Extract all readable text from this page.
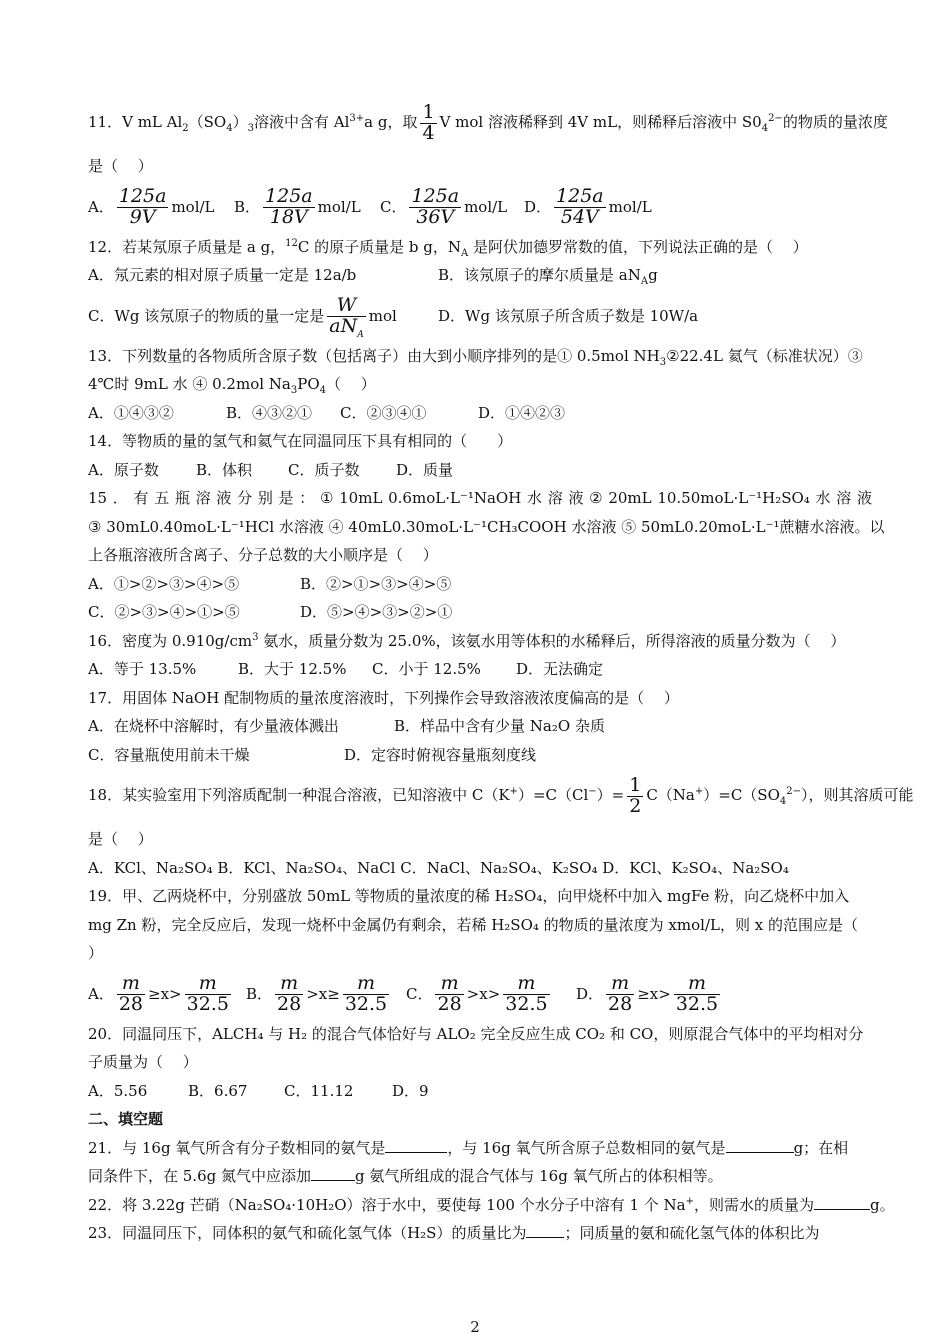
11．V mL $Al_2(SO_4)_3$溶液中含有 $Al^{3+}a$ g，取 $\frac{1}{4}$ V mol 溶液稀释到 4V mL，则稀释后溶液中 $S0_4^{2-}$的物质的量浓度
是（　 ）
A． $\frac{125a}{9V} mol/L$ B． $\frac{125a}{18V} mol/L$ C． $\frac{125a}{36V} mol/L$ D． $\frac{125a}{54V} mol/L$
12．若某氖原子质量是 a g，$^{12}$C 的原子质量是 b g，$N_A$ 是阿伏加德罗常数的值，下列说法正确的是（　 ）
A．氖元素的相对原子质量一定是 12a/b	B．该氖原子的摩尔质量是 $aN_Ag$
C．Wg 该氖原子的物质的量一定是 $\frac{W}{aN_A}$ mol	D．Wg 该氖原子所含质子数是 10W/a
13．下列数量的各物质所含原子数（包括离子）由大到小顺序排列的是① 0.5mol $NH_3②22.4L$ 氦气（标准状况）③
4℃时 9mL 水 ④ 0.2mol $Na_3PO_4$（　 ）
A．①④③②	B．④③②① C．②③④①	D．①④②③
14．等物质的量的氢气和氦气在同温同压下具有相同的（　　）
A．原子数 B．体积 C．质子数 D．质量
15 ． 有 五 瓶 溶 液 分 别 是 ： ① 10mL 0.6moL·L⁻¹NaOH 水 溶 液 ② 20mL 10.50moL·L⁻¹H₂SO₄ 水 溶 液
③ 30mL0.40moL·L⁻¹HCl 水溶液 ④ 40mL0.30moL·L⁻¹CH₃COOH 水溶液 ⑤ 50mL0.20moL·L⁻¹蔗糖水溶液。以
上各瓶溶液所含离子、分子总数的大小顺序是（　 ）
A．①>②>③>④>⑤	B．②>①>③>④>⑤
C．②>③>④>①>⑤	D．⑤>④>③>②>①
16．密度为 $0.910g/cm^3$ 氨水，质量分数为 25.0%，该氨水用等体积的水稀释后，所得溶液的质量分数为（　 ）
A．等于 13.5%	B．大于 12.5% C．小于 12.5% D．无法确定
17．用固体 NaOH 配制物质的量浓度溶液时，下列操作会导致溶液浓度偏高的是（　 ）
A．在烧杯中溶解时，有少量液体溅出	B．样品中含有少量 Na₂O 杂质
C．容量瓶使用前未干燥	D．定容时俯视容量瓶刻度线
18．某实验室用下列溶质配制一种混合溶液，已知溶液中 $C(K^+)=C(Cl^-)= \frac{1}{2} C(Na^+)=C(SO_4^{2-})$，则其溶质可能
是（　 ）
A．KCl、Na₂SO₄ B．KCl、Na₂SO₄、NaCl C．NaCl、Na₂SO₄、K₂SO₄ D．KCl、K₂SO₄、Na₂SO₄
19．甲、乙两烧杯中，分别盛放 50mL 等物质的量浓度的稀 H₂SO₄，向甲烧杯中加入 mgFe 粉，向乙烧杯中加入
mg Zn 粉，完全反应后，发现一烧杯中金属仍有剩余，若稀 H₂SO₄ 的物质的量浓度为 xmol/L，则 x 的范围应是（
）
A． $\frac{m}{28} \ge x> \frac{m}{32.5}$ B． $\frac{m}{28} >x\ge \frac{m}{32.5}$ C． $\frac{m}{28} >x> \frac{m}{32.5}$ D． $\frac{m}{28} \ge x> \frac{m}{32.5}$
20．同温同压下，ALCH₄ 与 H₂ 的混合气体恰好与 ALO₂ 完全反应生成 CO₂ 和 CO，则原混合气体中的平均相对分
子质量为（　 ）
A．5.56	B．6.67 C．11.12	D．9
二、填空题
21．与 16g 氧气所含有分子数相同的氨气是	，与 16g 氧气所含原子总数相同的氨气是	g；在相
同条件下，在 5.6g 氮气中应添加	g 氨气所组成的混合气体与 16g 氧气所占的体积相等。
22．将 3.22g 芒硝（Na₂SO₄·10H₂O）溶于水中，要使每 100 个水分子中溶有 1 个 Na+，则需水的质量为	g。
23．同温同压下，同体积的氨气和硫化氢气体（H₂S）的质量比为	；同质量的氨和硫化氢气体的体积比为
2
